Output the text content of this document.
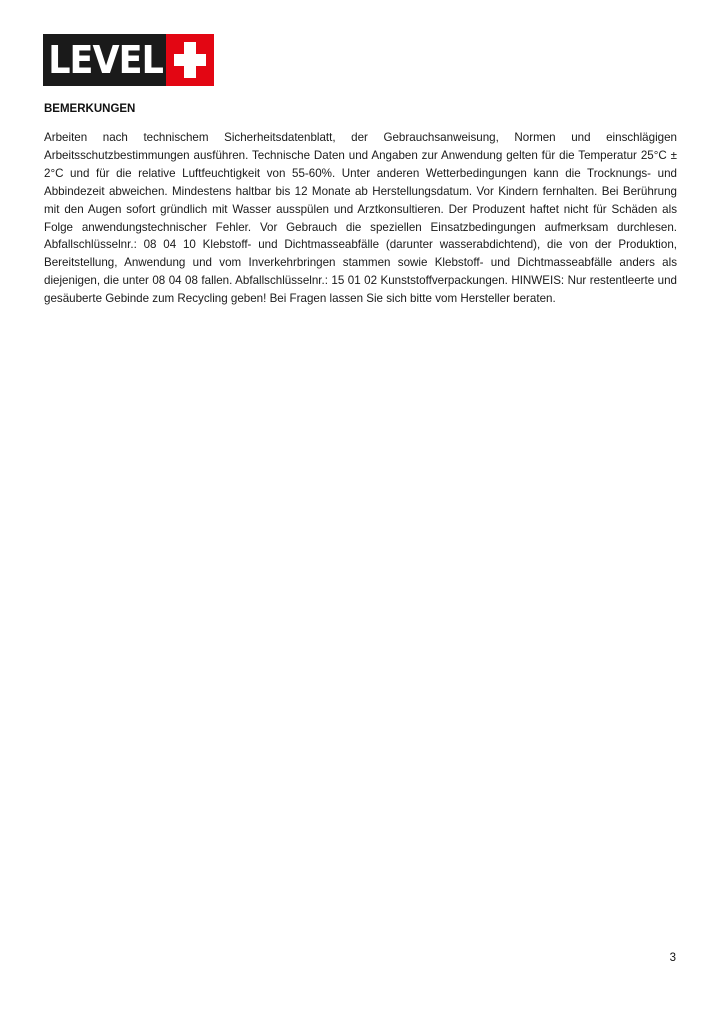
LEVEL
BEMERKUNGEN

Arbeiten nach technischem Sicherheitsdatenblatt, der Gebrauchsanweisung, Normen und einschlägigen Arbeitsschutzbestimmungen ausführen. Technische Daten und Angaben zur Anwendung gelten für die Temperatur 25°C ± 2°C und für die relative Luftfeuchtigkeit von 55-60%. Unter anderen Wetterbedingungen kann die Trocknungs- und Abbindezeit abweichen. Mindestens haltbar bis 12 Monate ab Herstellungsdatum. Vor Kindern fernhalten. Bei Berührung mit den Augen sofort gründlich mit Wasser ausspülen und Arztkonsultieren. Der Produzent haftet nicht für Schäden als Folge anwendungstechnischer Fehler. Vor Gebrauch die speziellen Einsatzbedingungen aufmerksam durchlesen. Abfallschlüsselnr.: 08 04 10 Klebstoff- und Dichtmasseabfälle (darunter wasserabdichtend), die von der Produktion, Bereitstellung, Anwendung und vom Inverkehrbringen stammen sowie Klebstoff- und Dichtmasseabfälle anders als diejenigen, die unter 08 04 08 fallen. Abfallschlüsselnr.: 15 01 02 Kunststoffverpackungen. HINWEIS: Nur restentleerte und gesäuberte Gebinde zum Recycling geben! Bei Fragen lassen Sie sich bitte vom Hersteller beraten.

3
